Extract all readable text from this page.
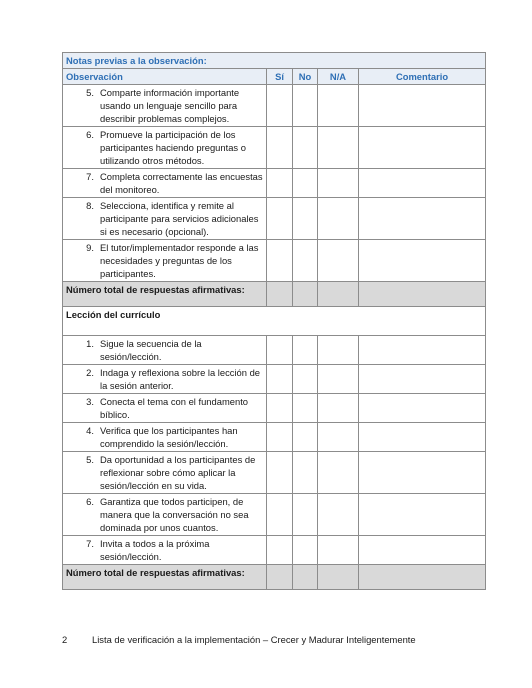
Notas previas a la observación:				
Observación	Sí	No	N/A	Comentario

5. Comparte información importante usando un lenguaje sencillo para describir problemas complejos.				

6. Promueve la participación de los participantes haciendo preguntas o utilizando otros métodos.				

7. Completa correctamente las encuestas del monitoreo.				

8. Selecciona, identifica y remite al participante para servicios adicionales si es necesario (opcional).				

9. El tutor/implementador responde a las necesidades y preguntas de los participantes.				

Número total de respuestas afirmativas:				
Lección del currículo				

1. Sigue la secuencia de la sesión/lección.				

2. Indaga y reflexiona sobre la lección de la sesión anterior.				

3. Conecta el tema con el fundamento bíblico.				

4. Verifica que los participantes han comprendido la sesión/lección.				

5. Da oportunidad a los participantes de reflexionar sobre cómo aplicar la sesión/lección en su vida.				

6. Garantiza que todos participen, de manera que la conversación no sea dominada por unos cuantos.				

7. Invita a todos a la próxima sesión/lección.				

Número total de respuestas afirmativas:				
2	Lista de verificación a la implementación – Crecer y Madurar Inteligentemente
